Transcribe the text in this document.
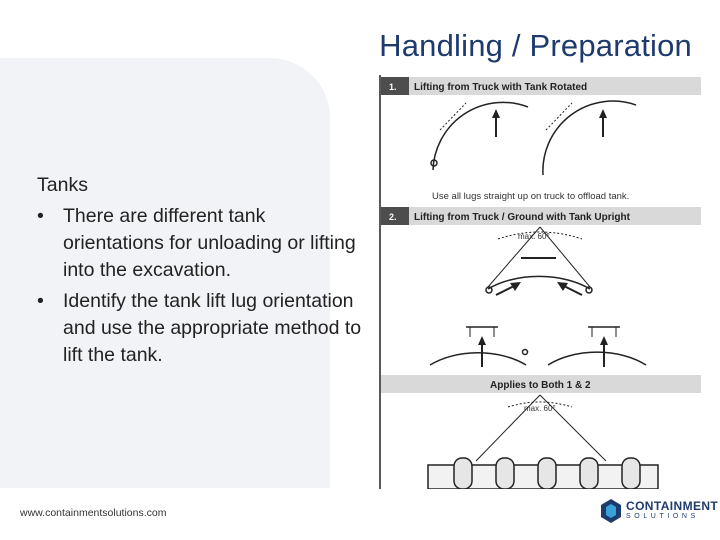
Handling / Preparation
Tanks
• There are different tank orientations for unloading or lifting into the excavation.
• Identify the tank lift lug orientation and use the appropriate method to lift the tank.
1. Lifting from Truck with Tank Rotated
Use all lugs straight up on truck to offload tank.
2. Lifting from Truck / Ground with Tank Upright
max. 60°
Applies to Both 1 & 2
max. 60°
www.containmentsolutions.com	CONTAINMENT
SOLUTIONS
